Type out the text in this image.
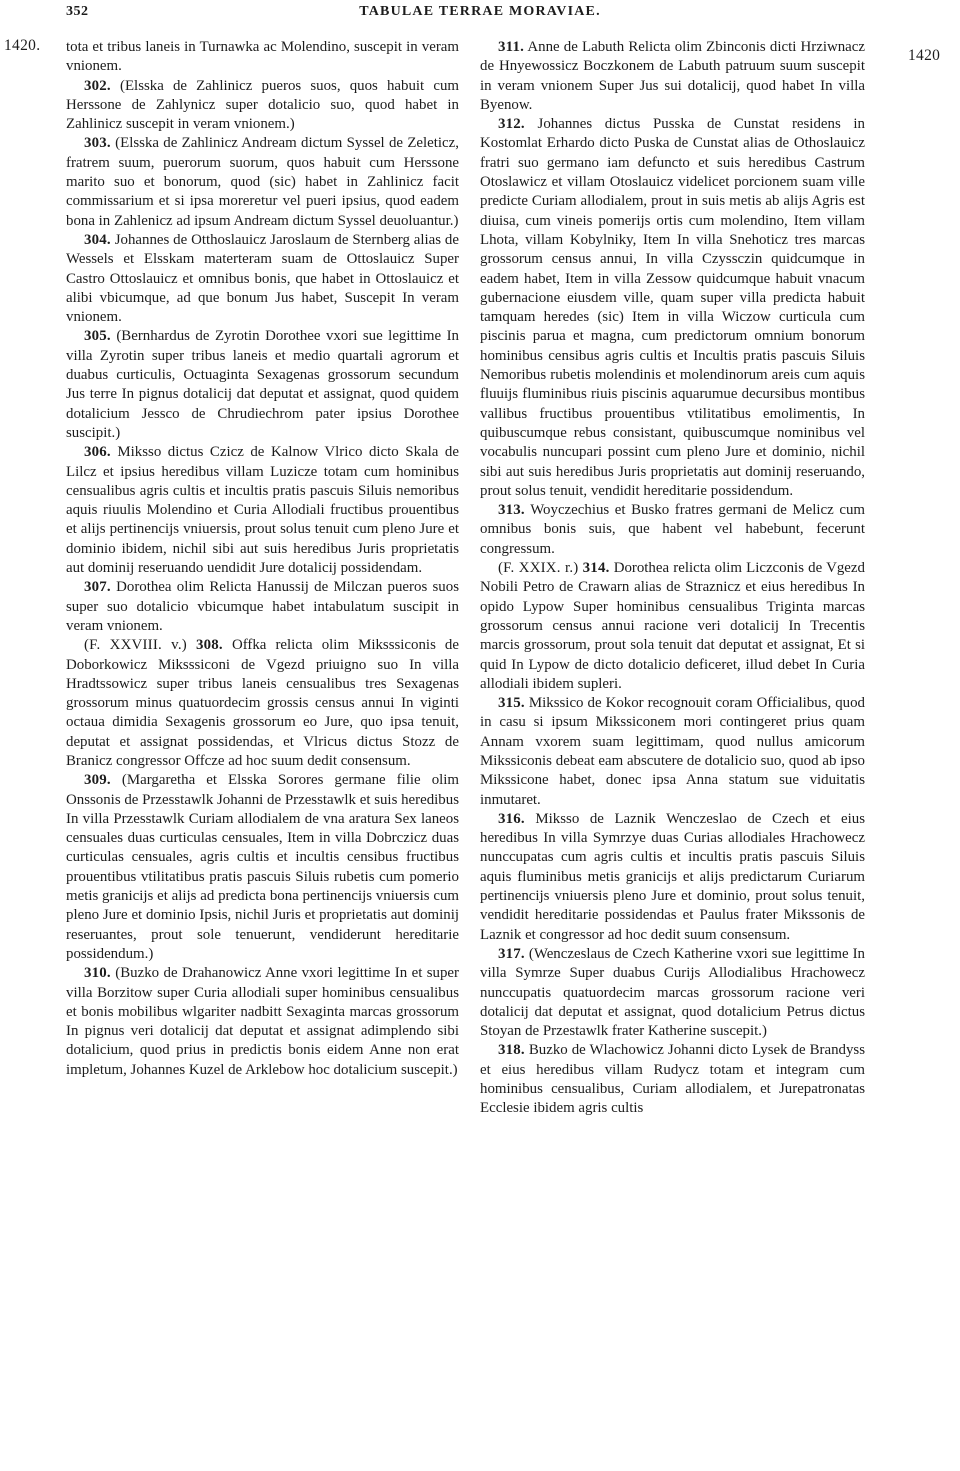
352	TABULAE TERRAE MORAVIAE.
1420.
1420

tota et tribus laneis in Turnawka ac Molendino, suscepit in veram vnionem.

302. (Elsska de Zahlinicz pueros suos, quos habuit cum Herssone de Zahlynicz super dotalicio suo, quod habet in Zahlinicz suscepit in veram vnionem.)

303. (Elsska de Zahlinicz Andream dictum Syssel de Zeleticz, fratrem suum, puerorum suorum, quos habuit cum Herssone marito suo et bonorum, quod (sic) habet in Zahlinicz facit commissarium et si ipsa moreretur vel pueri ipsius, quod eadem bona in Zahlenicz ad ipsum Andream dictum Syssel deuoluantur.)

304. Johannes de Otthoslauicz Jaroslaum de Sternberg alias de Wessels et Elsskam materteram suam de Ottoslauicz Super Castro Ottoslauicz et omnibus bonis, que habet in Ottoslauicz et alibi vbicumque, ad que bonum Jus habet, Suscepit In veram vnionem.

305. (Bernhardus de Zyrotin Dorothee vxori sue legittime In villa Zyrotin super tribus laneis et medio quartali agrorum et duabus curticulis, Octuaginta Sexagenas grossorum secundum Jus terre In pignus dotalicij dat deputat et assignat, quod quidem dotalicium Jessco de Chrudiechrom pater ipsius Dorothee suscipit.)

306. Miksso dictus Czicz de Kalnow Vlrico dicto Skala de Lilcz et ipsius heredibus villam Luzicze totam cum hominibus censualibus agris cultis et incultis pratis pascuis Siluis nemoribus aquis riuulis Molendino et Curia Allodiali fructibus prouentibus et alijs pertinencijs vniuersis, prout solus tenuit cum pleno Jure et dominio ibidem, nichil sibi aut suis heredibus Juris proprietatis aut dominij reseruando uendidit Jure dotalicij possidendam.

307. Dorothea olim Relicta Hanussij de Milczan pueros suos super suo dotalicio vbicumque habet intabulatum suscipit in veram vnionem.

(F. XXVIII. v.) 308. Offka relicta olim Miksssiconis de Doborkowicz Miksssiconi de Vgezd priuigno suo In villa Hradtssowicz super tribus laneis censualibus tres Sexagenas grossorum minus quatuordecim grossis census annui In viginti octaua dimidia Sexagenis grossorum eo Jure, quo ipsa tenuit, deputat et assignat possidendas, et Vlricus dictus Stozz de Branicz congressor Offcze ad hoc suum dedit consensum.

309. (Margaretha et Elsska Sorores germane filie olim Onssonis de Przesstawlk Johanni de Przesstawlk et suis heredibus In villa Przesstawlk Curiam allodialem de vna aratura Sex laneos censuales duas curticulas censuales, Item in villa Dobrczicz duas curticulas censuales, agris cultis et incultis censibus fructibus prouentibus vtilitatibus pratis pascuis Siluis rubetis cum pomerio metis granicijs et alijs ad predicta bona pertinencijs vniuersis cum pleno Jure et dominio Ipsis, nichil Juris et proprietatis aut dominij reseruantes, prout sole tenuerunt, vendiderunt hereditarie possidendum.)

310. (Buzko de Drahanowicz Anne vxori legittime In et super villa Borzitow super Curia allodiali super hominibus censualibus et bonis mobilibus wlgariter nadbitt Sexaginta marcas grossorum In pignus veri dotalicij dat deputat et assignat adimplendo sibi dotalicium, quod prius in predictis bonis eidem Anne non erat impletum, Johannes Kuzel de Arklebow hoc dotalicium suscepit.)

311. Anne de Labuth Relicta olim Zbinconis dicti Hrziwnacz de Hnyewossicz Boczkonem de Labuth patruum suum suscepit in veram vnionem Super Jus sui dotalicij, quod habet In villa Byenow.

312. Johannes dictus Pusska de Cunstat residens in Kostomlat Erhardo dicto Puska de Cunstat alias de Othoslauicz fratri suo germano iam defuncto et suis heredibus Castrum Otoslawicz et villam Otoslauicz videlicet porcionem suam ville predicte Curiam allodialem, prout in suis metis ab alijs Agris est diuisa, cum vineis pomerijs ortis cum molendino, Item villam Lhota, villam Kobylniky, Item In villa Snehoticz tres marcas grossorum census annui, In villa Czyssczin quidcumque in eadem habet, Item in villa Zessow quidcumque habuit vnacum gubernacione eiusdem ville, quam super villa predicta habuit tamquam heredes (sic) Item in villa Wiczow curticula cum piscinis parua et magna, cum predictorum omnium bonorum hominibus censibus agris cultis et Incultis pratis pascuis Siluis Nemoribus rubetis molendinis et molendinorum areis cum aquis fluuijs fluminibus riuis piscinis aquarumue decursibus montibus vallibus fructibus prouentibus vtilitatibus emolimentis, In quibuscumque rebus consistant, quibuscumque nominibus vel vocabulis nuncupari possint cum pleno Jure et dominio, nichil sibi aut suis heredibus Juris proprietatis aut dominij reseruando, prout solus tenuit, vendidit hereditarie possidendum.

313. Woyczechius et Busko fratres germani de Melicz cum omnibus bonis suis, que habent vel habebunt, fecerunt congressum.

(F. XXIX. r.) 314. Dorothea relicta olim Liczconis de Vgezd Nobili Petro de Crawarn alias de Straznicz et eius heredibus In opido Lypow Super hominibus censualibus Triginta marcas grossorum census annui racione veri dotalicij In Trecentis marcis grossorum, prout sola tenuit dat deputat et assignat, Et si quid In Lypow de dicto dotalicio deficeret, illud debet In Curia allodiali ibidem supleri.

315. Mikssico de Kokor recognouit coram Officialibus, quod in casu si ipsum Mikssiconem mori contingeret prius quam Annam vxorem suam legittimam, quod nullus amicorum Mikssiconis debeat eam abscutere de dotalicio suo, quod ab ipso Mikssicone habet, donec ipsa Anna statum sue viduitatis inmutaret.

316. Miksso de Laznik Wenczeslao de Czech et eius heredibus In villa Symrzye duas Curias allodiales Hrachowecz nunccupatas cum agris cultis et incultis pratis pascuis Siluis aquis fluminibus metis granicijs et alijs predictarum Curiarum pertinencijs vniuersis pleno Jure et dominio, prout solus tenuit, vendidit hereditarie possidendas et Paulus frater Mikssonis de Laznik et congressor ad hoc dedit suum consensum.

317. (Wenczeslaus de Czech Katherine vxori sue legittime In villa Symrze Super duabus Curijs Allodialibus Hrachowecz nunccupatis quatuordecim marcas grossorum racione veri dotalicij dat deputat et assignat, quod dotalicium Petrus dictus Stoyan de Przestawlk frater Katherine suscepit.)

318. Buzko de Wlachowicz Johanni dicto Lysek de Brandyss et eius heredibus villam Rudycz totam et integram cum hominibus censualibus, Curiam allodialem, et Jurepatronatas Ecclesie ibidem agris cultis
